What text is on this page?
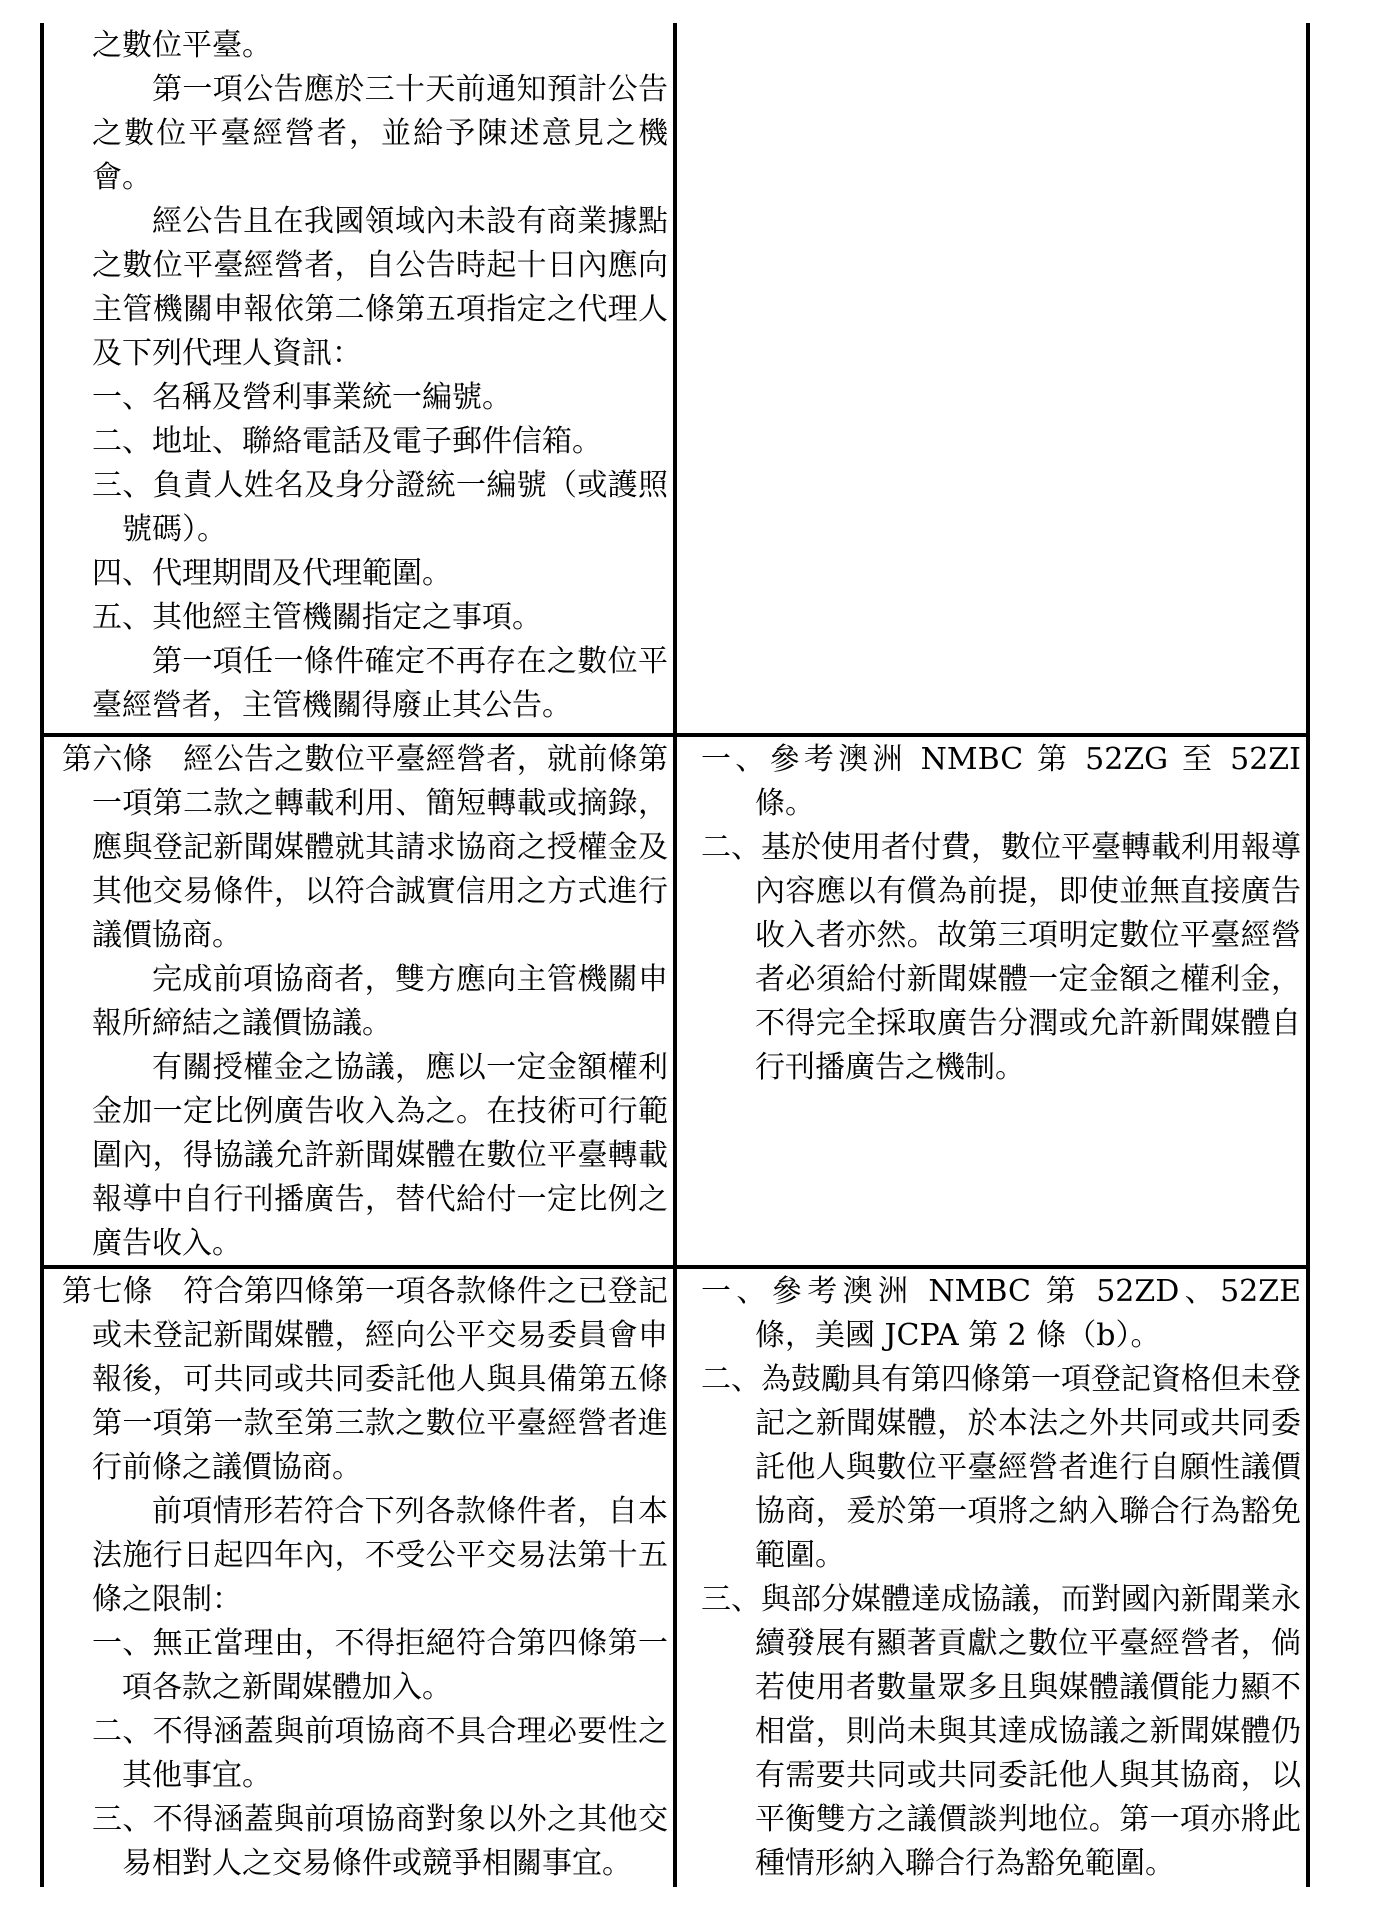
之數位平臺。

第一項公告應於三十天前通知預計公告之數位平臺經營者，並給予陳述意見之機會。

經公告且在我國領域內未設有商業據點之數位平臺經營者，自公告時起十日內應向主管機關申報依第二條第五項指定之代理人及下列代理人資訊：

一、名稱及營利事業統一編號。

二、地址、聯絡電話及電子郵件信箱。

三、負責人姓名及身分證統一編號（或護照號碼）。

四、代理期間及代理範圍。

五、其他經主管機關指定之事項。

第一項任一條件確定不再存在之數位平臺經營者，主管機關得廢止其公告。

第六條　經公告之數位平臺經營者，就前條第一項第二款之轉載利用、簡短轉載或摘錄，應與登記新聞媒體就其請求協商之授權金及其他交易條件，以符合誠實信用之方式進行議價協商。

完成前項協商者，雙方應向主管機關申報所締結之議價協議。

有關授權金之協議，應以一定金額權利金加一定比例廣告收入為之。在技術可行範圍內，得協議允許新聞媒體在數位平臺轉載報導中自行刊播廣告，替代給付一定比例之廣告收入。

一、參考澳洲 NMBC 第 52ZG 至 52ZI 條。

二、基於使用者付費，數位平臺轉載利用報導內容應以有償為前提，即使並無直接廣告收入者亦然。故第三項明定數位平臺經營者必須給付新聞媒體一定金額之權利金，不得完全採取廣告分潤或允許新聞媒體自行刊播廣告之機制。

第七條　符合第四條第一項各款條件之已登記或未登記新聞媒體，經向公平交易委員會申報後，可共同或共同委託他人與具備第五條第一項第一款至第三款之數位平臺經營者進行前條之議價協商。

前項情形若符合下列各款條件者，自本法施行日起四年內，不受公平交易法第十五條之限制：

一、無正當理由，不得拒絕符合第四條第一項各款之新聞媒體加入。

二、不得涵蓋與前項協商不具合理必要性之其他事宜。

三、不得涵蓋與前項協商對象以外之其他交易相對人之交易條件或競爭相關事宜。

一、參考澳洲 NMBC 第 52ZD、52ZE 條，美國 JCPA 第 2 條（b）。

二、為鼓勵具有第四條第一項登記資格但未登記之新聞媒體，於本法之外共同或共同委託他人與數位平臺經營者進行自願性議價協商，爰於第一項將之納入聯合行為豁免範圍。

三、與部分媒體達成協議，而對國內新聞業永續發展有顯著貢獻之數位平臺經營者，倘若使用者數量眾多且與媒體議價能力顯不相當，則尚未與其達成協議之新聞媒體仍有需要共同或共同委託他人與其協商，以平衡雙方之議價談判地位。第一項亦將此種情形納入聯合行為豁免範圍。
